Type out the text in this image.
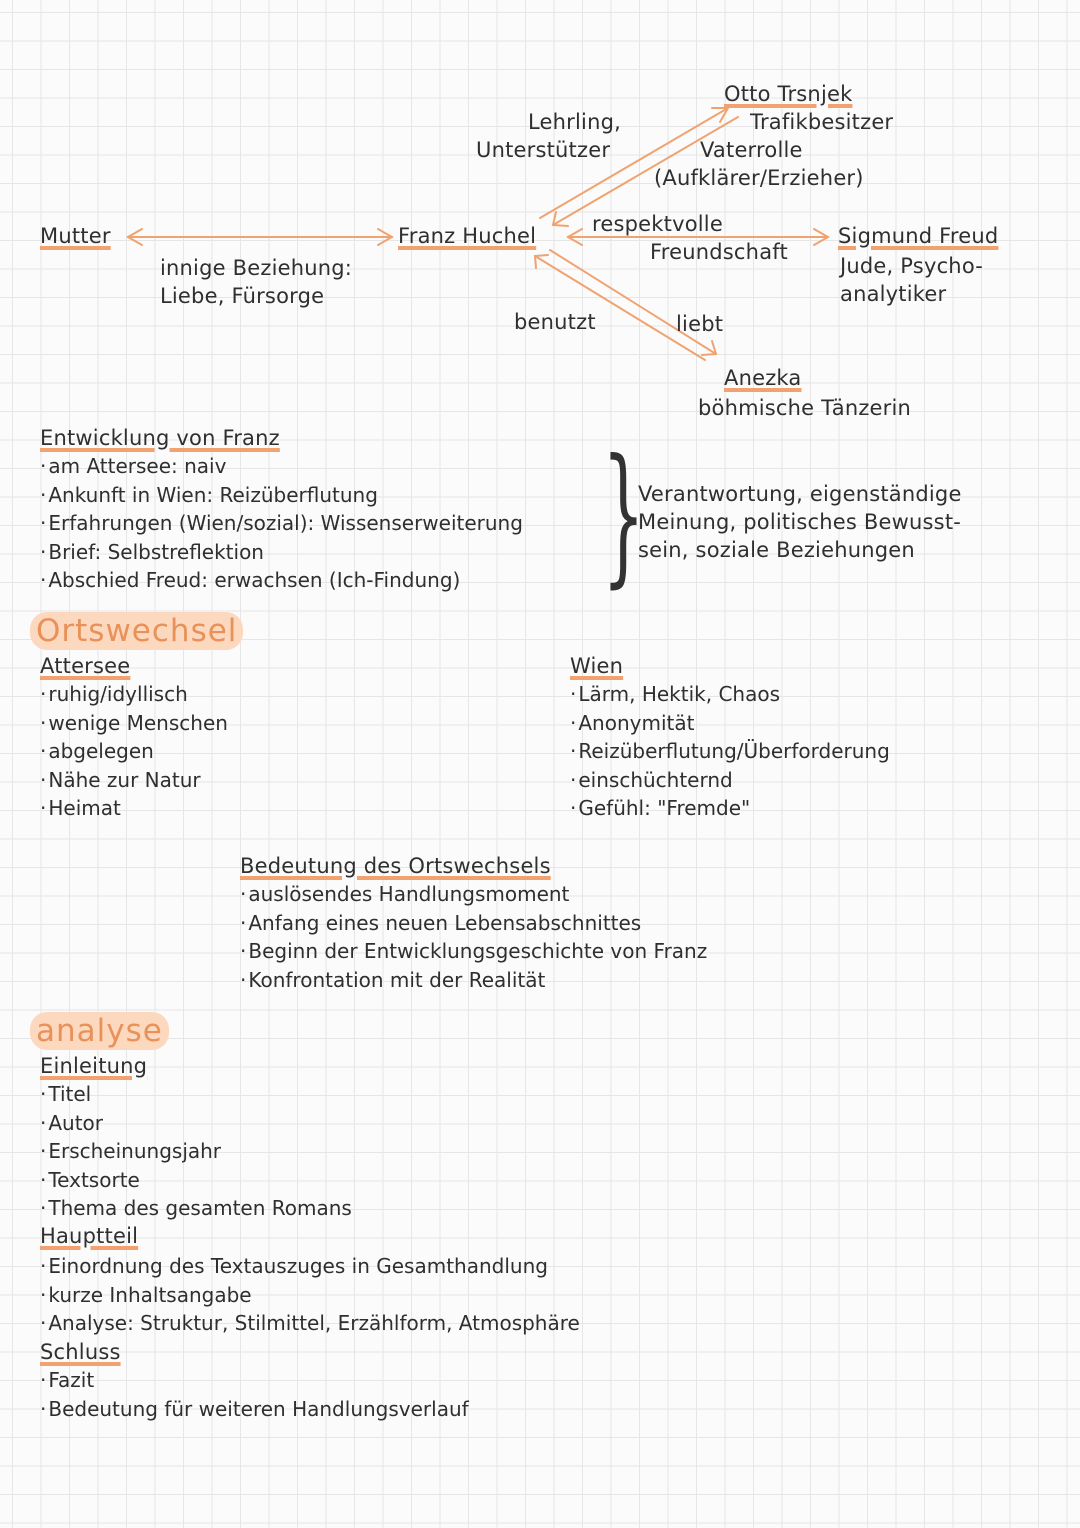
Mutter
innige Beziehung:
Liebe, Fürsorge
Franz Huchel
Lehrling,
Unterstützer
Otto Trsnjek
Trafikbesitzer
Vaterrolle
(Aufklärer/Erzieher)
respektvolle
Freundschaft
Sigmund Freud
Jude, Psycho-
analytiker
benutzt	liebt
Anezka
böhmische Tänzerin
Entwicklung von Franz
· am Attersee: naiv
· Ankunft in Wien: Reizüberflutung
· Erfahrungen (Wien/sozial): Wissenserweiterung
· Brief: Selbstreflektion
· Abschied Freud: erwachsen (Ich-Findung) }
Verantwortung, eigenständige
Meinung, politisches Bewusst-
sein, soziale Beziehungen
Ortswechsel
Attersee
· ruhig/idyllisch
· wenige Menschen
· abgelegen
· Nähe zur Natur
· Heimat
Wien
· Lärm, Hektik, Chaos
· Anonymität
· Reizüberflutung/Überforderung
· einschüchternd
· Gefühl: "Fremde"
Bedeutung des Ortswechsels
· auslösendes Handlungsmoment
· Anfang eines neuen Lebensabschnittes
· Beginn der Entwicklungsgeschichte von Franz
· Konfrontation mit der Realität
analyse
Einleitung
· Titel
· Autor
· Erscheinungsjahr
· Textsorte
· Thema des gesamten Romans
Hauptteil
· Einordnung des Textauszuges in Gesamthandlung
· kurze Inhaltsangabe
· Analyse: Struktur, Stilmittel, Erzählform, Atmosphäre
Schluss
· Fazit
· Bedeutung für weiteren Handlungsverlauf
